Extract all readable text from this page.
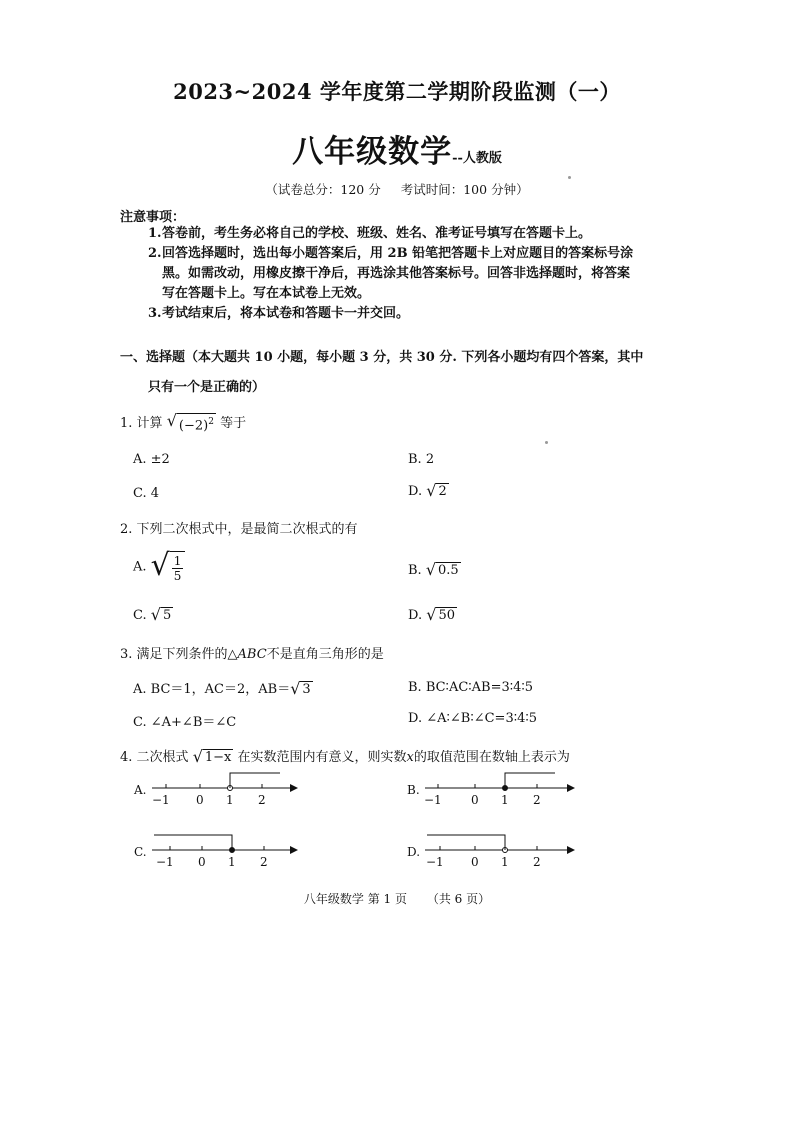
2023~2024 学年度第二学期阶段监测（一）
八年级数学--人教版
（试卷总分：120 分 考试时间：100 分钟）
注意事项：
1.答卷前，考生务必将自己的学校、班级、姓名、准考证号填写在答题卡上。
2.回答选择题时，选出每小题答案后，用 2B 铅笔把答题卡上对应题目的答案标号涂
黑。如需改动，用橡皮擦干净后，再选涂其他答案标号。回答非选择题时，将答案
写在答题卡上。写在本试卷上无效。
3.考试结束后，将本试卷和答题卡一并交回。
一、选择题（本大题共 10 小题，每小题 3 分，共 30 分. 下列各小题均有四个答案，其中
只有一个是正确的）
1. 计算 √ $(-2)^2$ 等于
A. ±2	B. 2
C. 4	D. √ 2
2. 下列二次根式中，是最简二次根式的有
A. √ $\frac{1}{5}$	B. √ 0.5
C. √ 5	D. √ 50
3. 满足下列条件的△ABC不是直角三角形的是
A. BC＝1，AC＝2，AB＝ √ 3	B. BC∶AC∶AB=3∶4∶5
C. ∠A+∠B＝∠C	D. ∠A∶∠B∶∠C=3∶4∶5
4. 二次根式 √ 1−x 在实数范围内有意义，则实数x的取值范围在数轴上表示为
A.
−1 0 1 2
B.
−1 0 1 2
C.
−1 0 1 2
D.
−1 0 1 2
八年级数学 第 1 页 （共 6 页）
